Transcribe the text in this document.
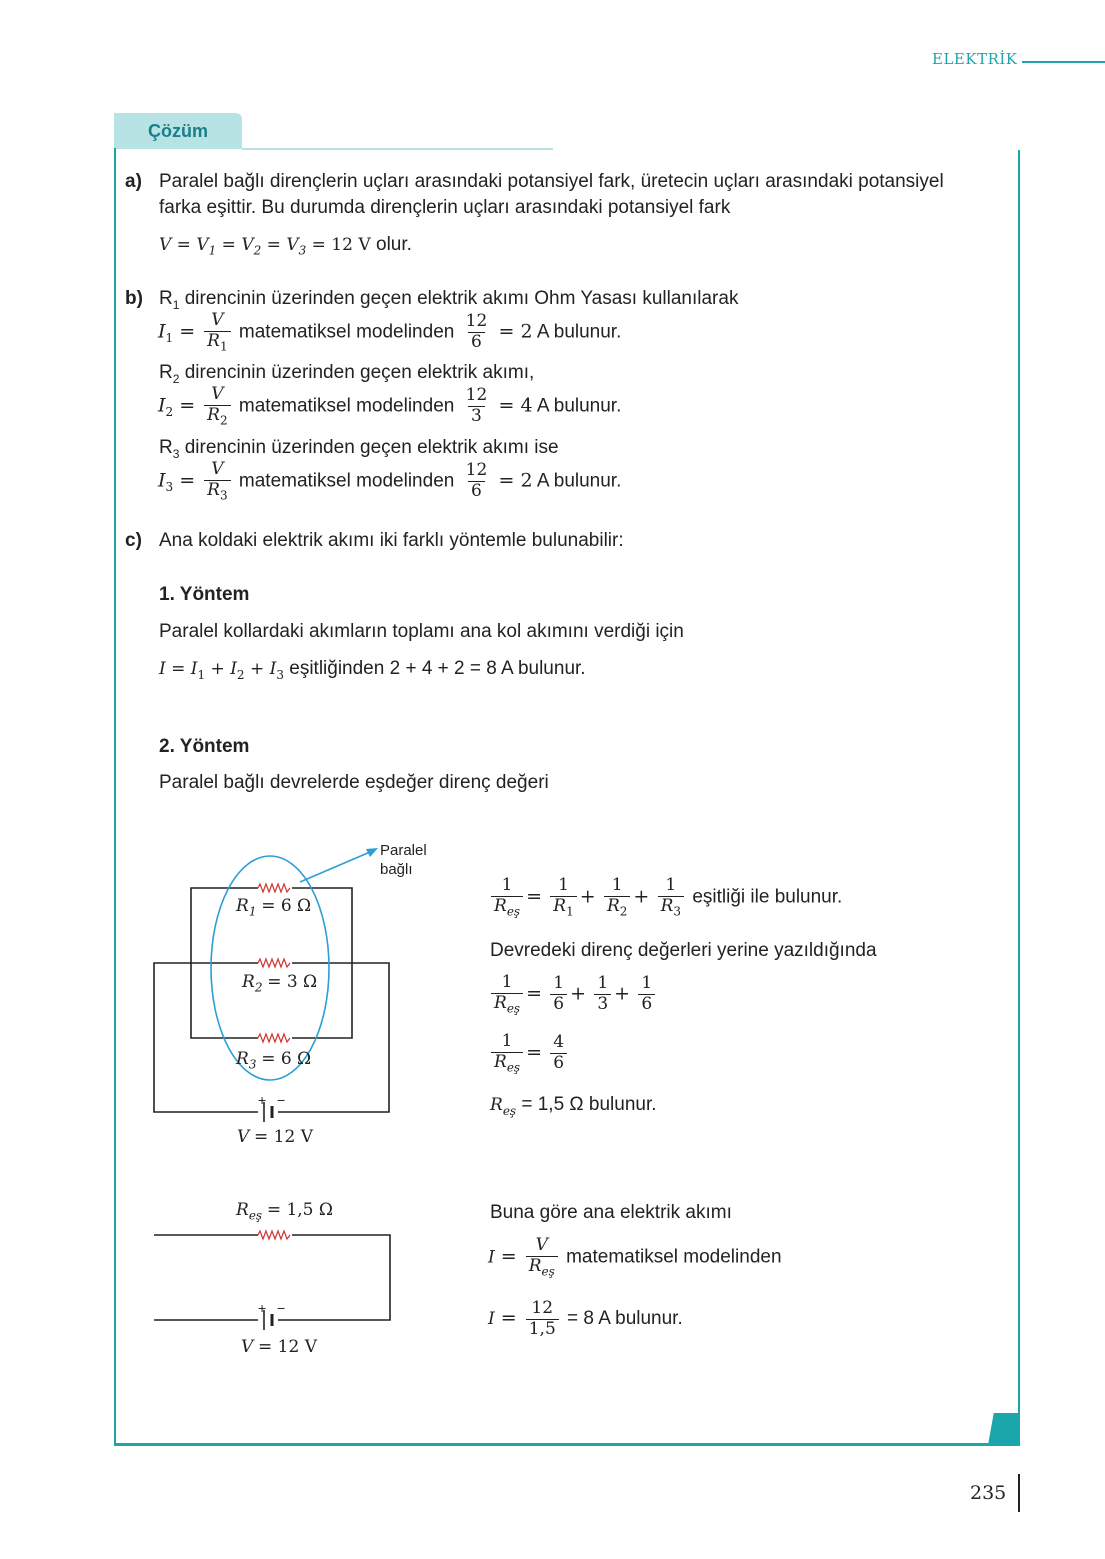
ELEKTRİK
Çözüm
a) Paralel bağlı dirençlerin uçları arasındaki potansiyel fark, üretecin uçları arasındaki potansiyel
farka eşittir. Bu durumda dirençlerin uçları arasındaki potansiyel fark
$V = V_1 = V_2 = V_3 = 12$ V olur.
b) $R_1$ direncinin üzerinden geçen elektrik akımı Ohm Yasası kullanılarak
$I_1 = \frac{V}{R_1}$ matematiksel modelinden $\frac{12}{6} = 2$ A bulunur.
$R_2$ direncinin üzerinden geçen elektrik akımı,
$I_2 = \frac{V}{R_2}$ matematiksel modelinden $\frac{12}{3} = 4$ A bulunur.
$R_3$ direncinin üzerinden geçen elektrik akımı ise
$I_3 = \frac{V}{R_3}$ matematiksel modelinden $\frac{12}{6} = 2$ A bulunur.
c) Ana koldaki elektrik akımı iki farklı yöntemle bulunabilir:
1. Yöntem
Paralel kollardaki akımların toplamı ana kol akımını verdiği için
$I = I_1 + I_2 + I_3$ eşitliğinden 2 + 4 + 2 = 8 A bulunur.
2. Yöntem
Paralel bağlı devrelerde eşdeğer direnç değeri
+ −
Paralel
bağlı
$R_1 = 6$ Ω
$R_2 = 3$ Ω
$R_3 = 6$ Ω
V = 12 V
$\frac{1}{R_{eş}} = \frac{1}{R_1} + \frac{1}{R_2} + \frac{1}{R_3}$ eşitliği ile bulunur.
Devredeki direnç değerleri yerine yazıldığında
$\frac{1}{R_{eş}} = \frac{1}{6} + \frac{1}{3} + \frac{1}{6}$
$\frac{1}{R_{eş}} = \frac{4}{6}$
$R_{eş} = 1,5$ Ω bulunur.
+ −
$R_{eş} = 1,5$ Ω
V = 12 V
Buna göre ana elektrik akımı
$I = \frac{V}{R_{eş}}$ matematiksel modelinden
$I = \frac{12}{1,5} = 8$ A bulunur.
235
